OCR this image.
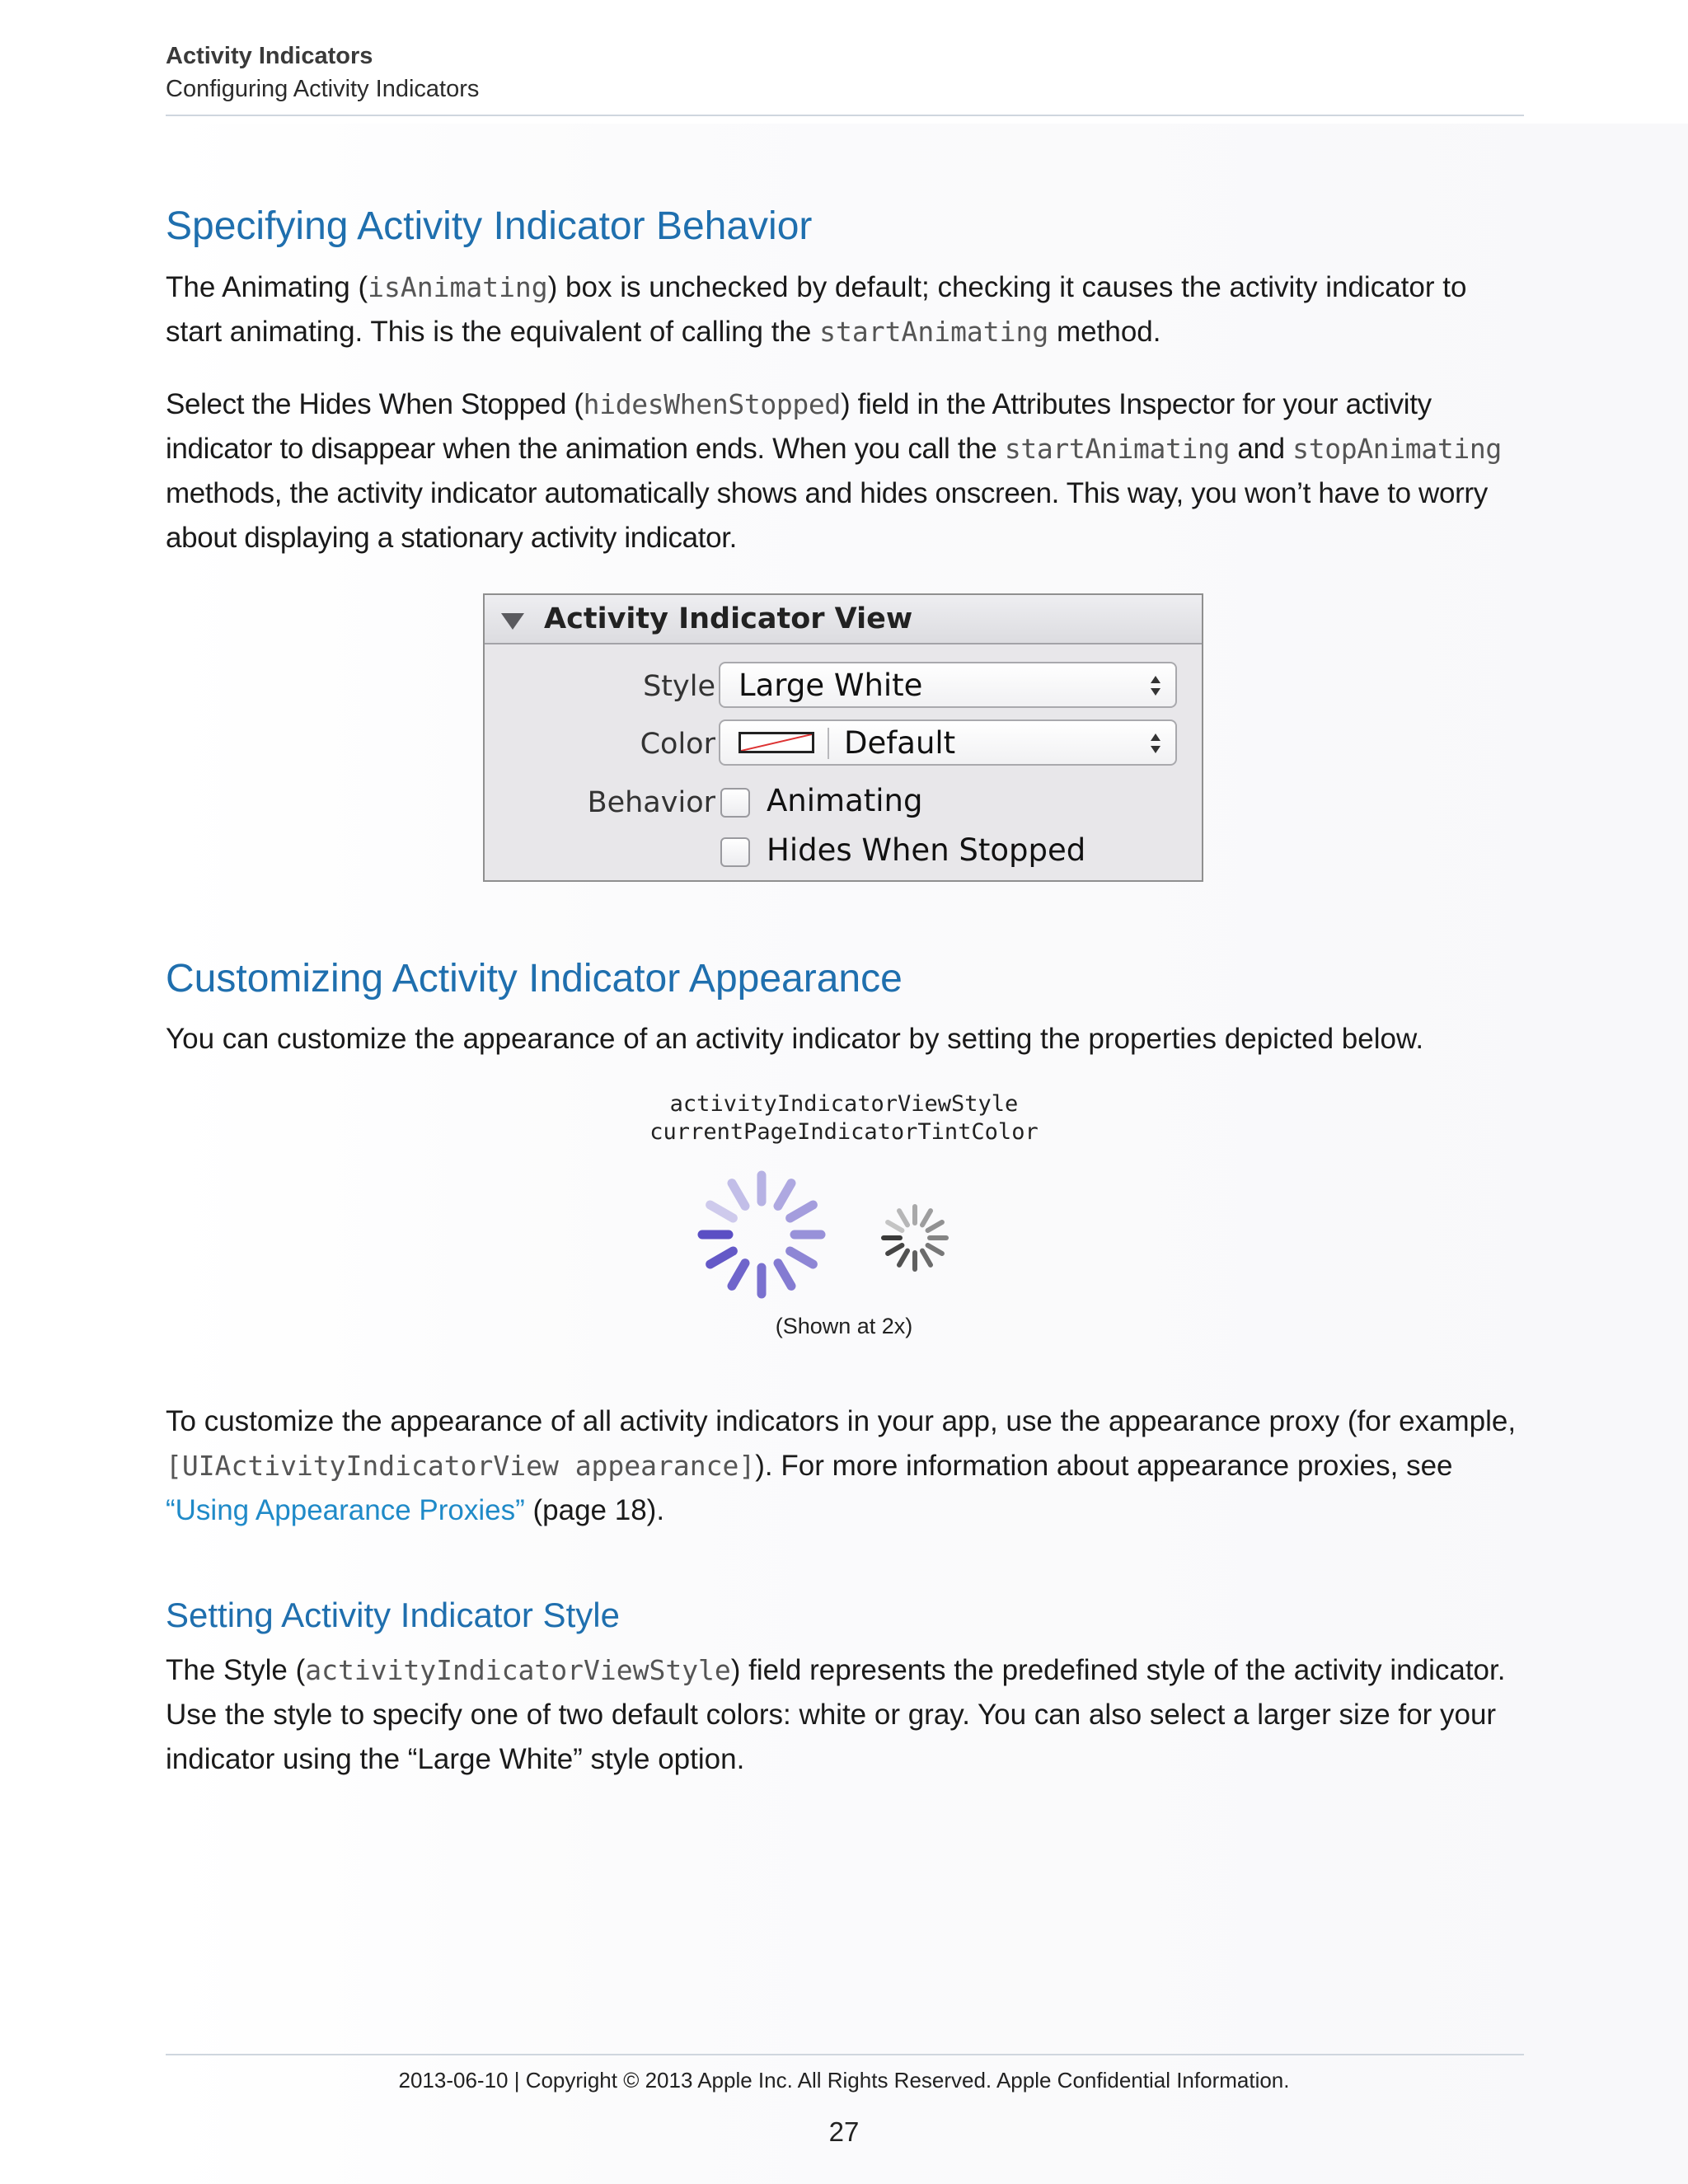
Activity Indicators
Configuring Activity Indicators
Specifying Activity Indicator Behavior

The Animating (isAnimating) box is unchecked by default; checking it causes the activity indicator to start animating. This is the equivalent of calling the startAnimating method.

Select the Hides When Stopped (hidesWhenStopped) field in the Attributes Inspector for your activity indicator to disappear when the animation ends. When you call the startAnimating and stopAnimating methods, the activity indicator automatically shows and hides onscreen. This way, you won’t have to worry about displaying a stationary activity indicator.

Activity Indicator View
Style Large White
Color	Default
Behavior Animating
Hides When Stopped
Customizing Activity Indicator Appearance
You can customize the appearance of an activity indicator by setting the properties depicted below.
activityIndicatorViewStyle
currentPageIndicatorTintColor
(Shown at 2x)

To customize the appearance of all activity indicators in your app, use the appearance proxy (for example, [UIActivityIndicatorView appearance]). For more information about appearance proxies, see “Using Appearance Proxies” (page 18).

Setting Activity Indicator Style

The Style (activityIndicatorViewStyle) field represents the predefined style of the activity indicator. Use the style to specify one of two default colors: white or gray. You can also select a larger size for your indicator using the “Large White” style option.

2013-06-10 | Copyright © 2013 Apple Inc. All Rights Reserved. Apple Confidential Information.
27
